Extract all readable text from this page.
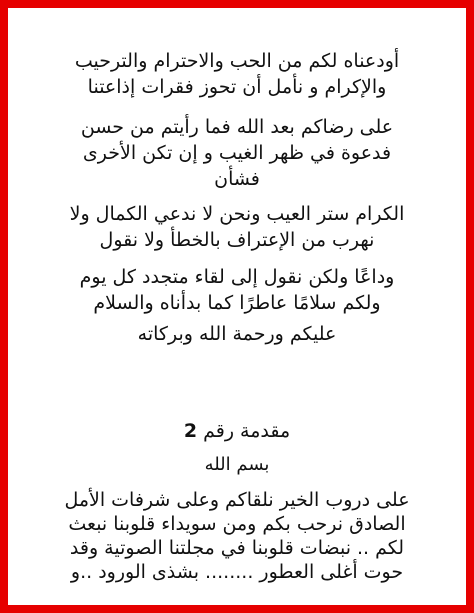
أودعناه لكم من الحب والاحترام والترحيب
والإكرام و نأمل أن تحوز فقرات إذاعتنا

على رضاكم بعد الله فما رأيتم من حسن
فدعوة في ظهر الغيب و إن تكن الأخرى
فشأن

الكرام ستر العيب ونحن لا ندعي الكمال ولا
نهرب من الإعتراف بالخطأ ولا نقول

وداعًا ولكن نقول إلى لقاء متجدد كل يوم
ولكم سلامًا عاطرًا كما بدأناه والسلام

عليكم ورحمة الله وبركاته

مقدمة رقم 2

بسم الله

على دروب الخير نلقاكم وعلى شرفات الأمل
الصادق نرحب بكم ومن سويداء قلوبنا نبعث
لكم .. نبضات قلوبنا في مجلتنا الصوتية وقد
حوت أغلى العطور ........ بشذى الورود ..و
